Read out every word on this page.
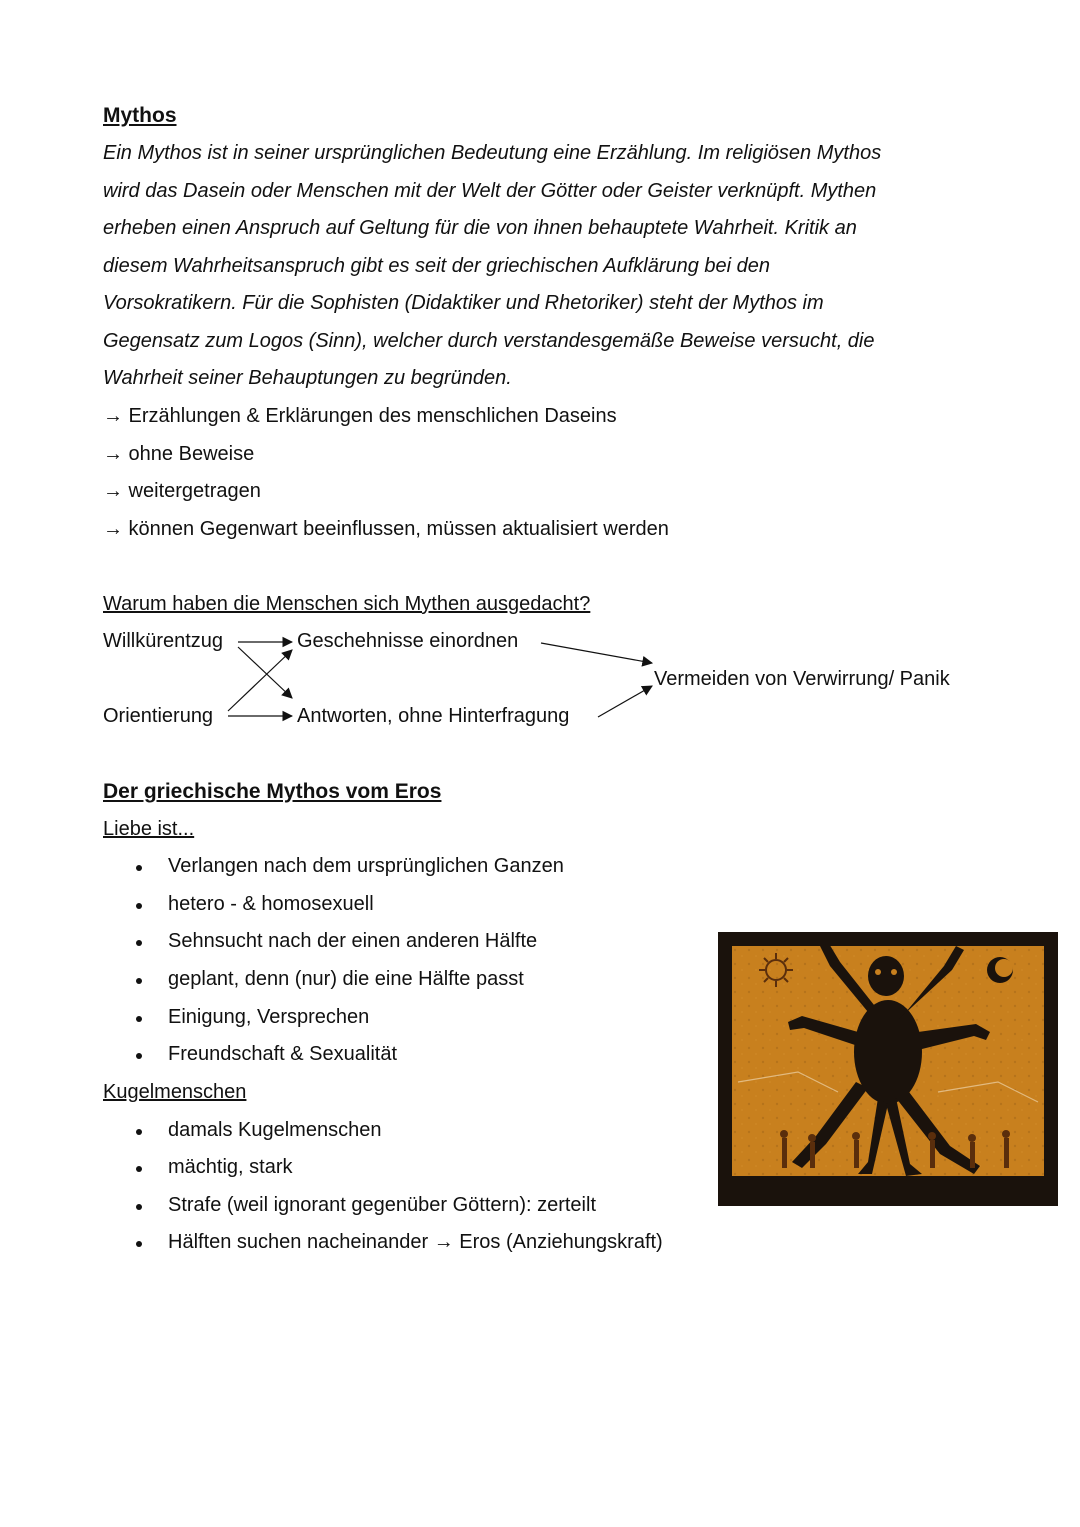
Mythos
Ein Mythos ist in seiner ursprünglichen Bedeutung eine Erzählung. Im religiösen Mythos
wird das Dasein oder Menschen mit der Welt der Götter oder Geister verknüpft. Mythen
erheben einen Anspruch auf Geltung für die von ihnen behauptete Wahrheit. Kritik an
diesem Wahrheitsanspruch gibt es seit der griechischen Aufklärung bei den
Vorsokratikern. Für die Sophisten (Didaktiker und Rhetoriker) steht der Mythos im
Gegensatz zum Logos (Sinn), welcher durch verstandesgemäße Beweise versucht, die
Wahrheit seiner Behauptungen zu begründen.
→ Erzählungen & Erklärungen des menschlichen Daseins
→ ohne Beweise
→ weitergetragen
→ können Gegenwart beeinflussen, müssen aktualisiert werden
Warum haben die Menschen sich Mythen ausgedacht?
Willkürentzug
Orientierung
Geschehnisse einordnen
Antworten, ohne Hinterfragung
Vermeiden von Verwirrung/ Panik
Der griechische Mythos vom Eros
Liebe ist...
Verlangen nach dem ursprünglichen Ganzen
hetero - & homosexuell
Sehnsucht nach der einen anderen Hälfte
geplant, denn (nur) die eine Hälfte passt
Einigung, Versprechen
Freundschaft & Sexualität
Kugelmenschen
damals Kugelmenschen
mächtig, stark
Strafe (weil ignorant gegenüber Göttern): zerteilt
Hälften suchen nacheinander → Eros (Anziehungskraft)
